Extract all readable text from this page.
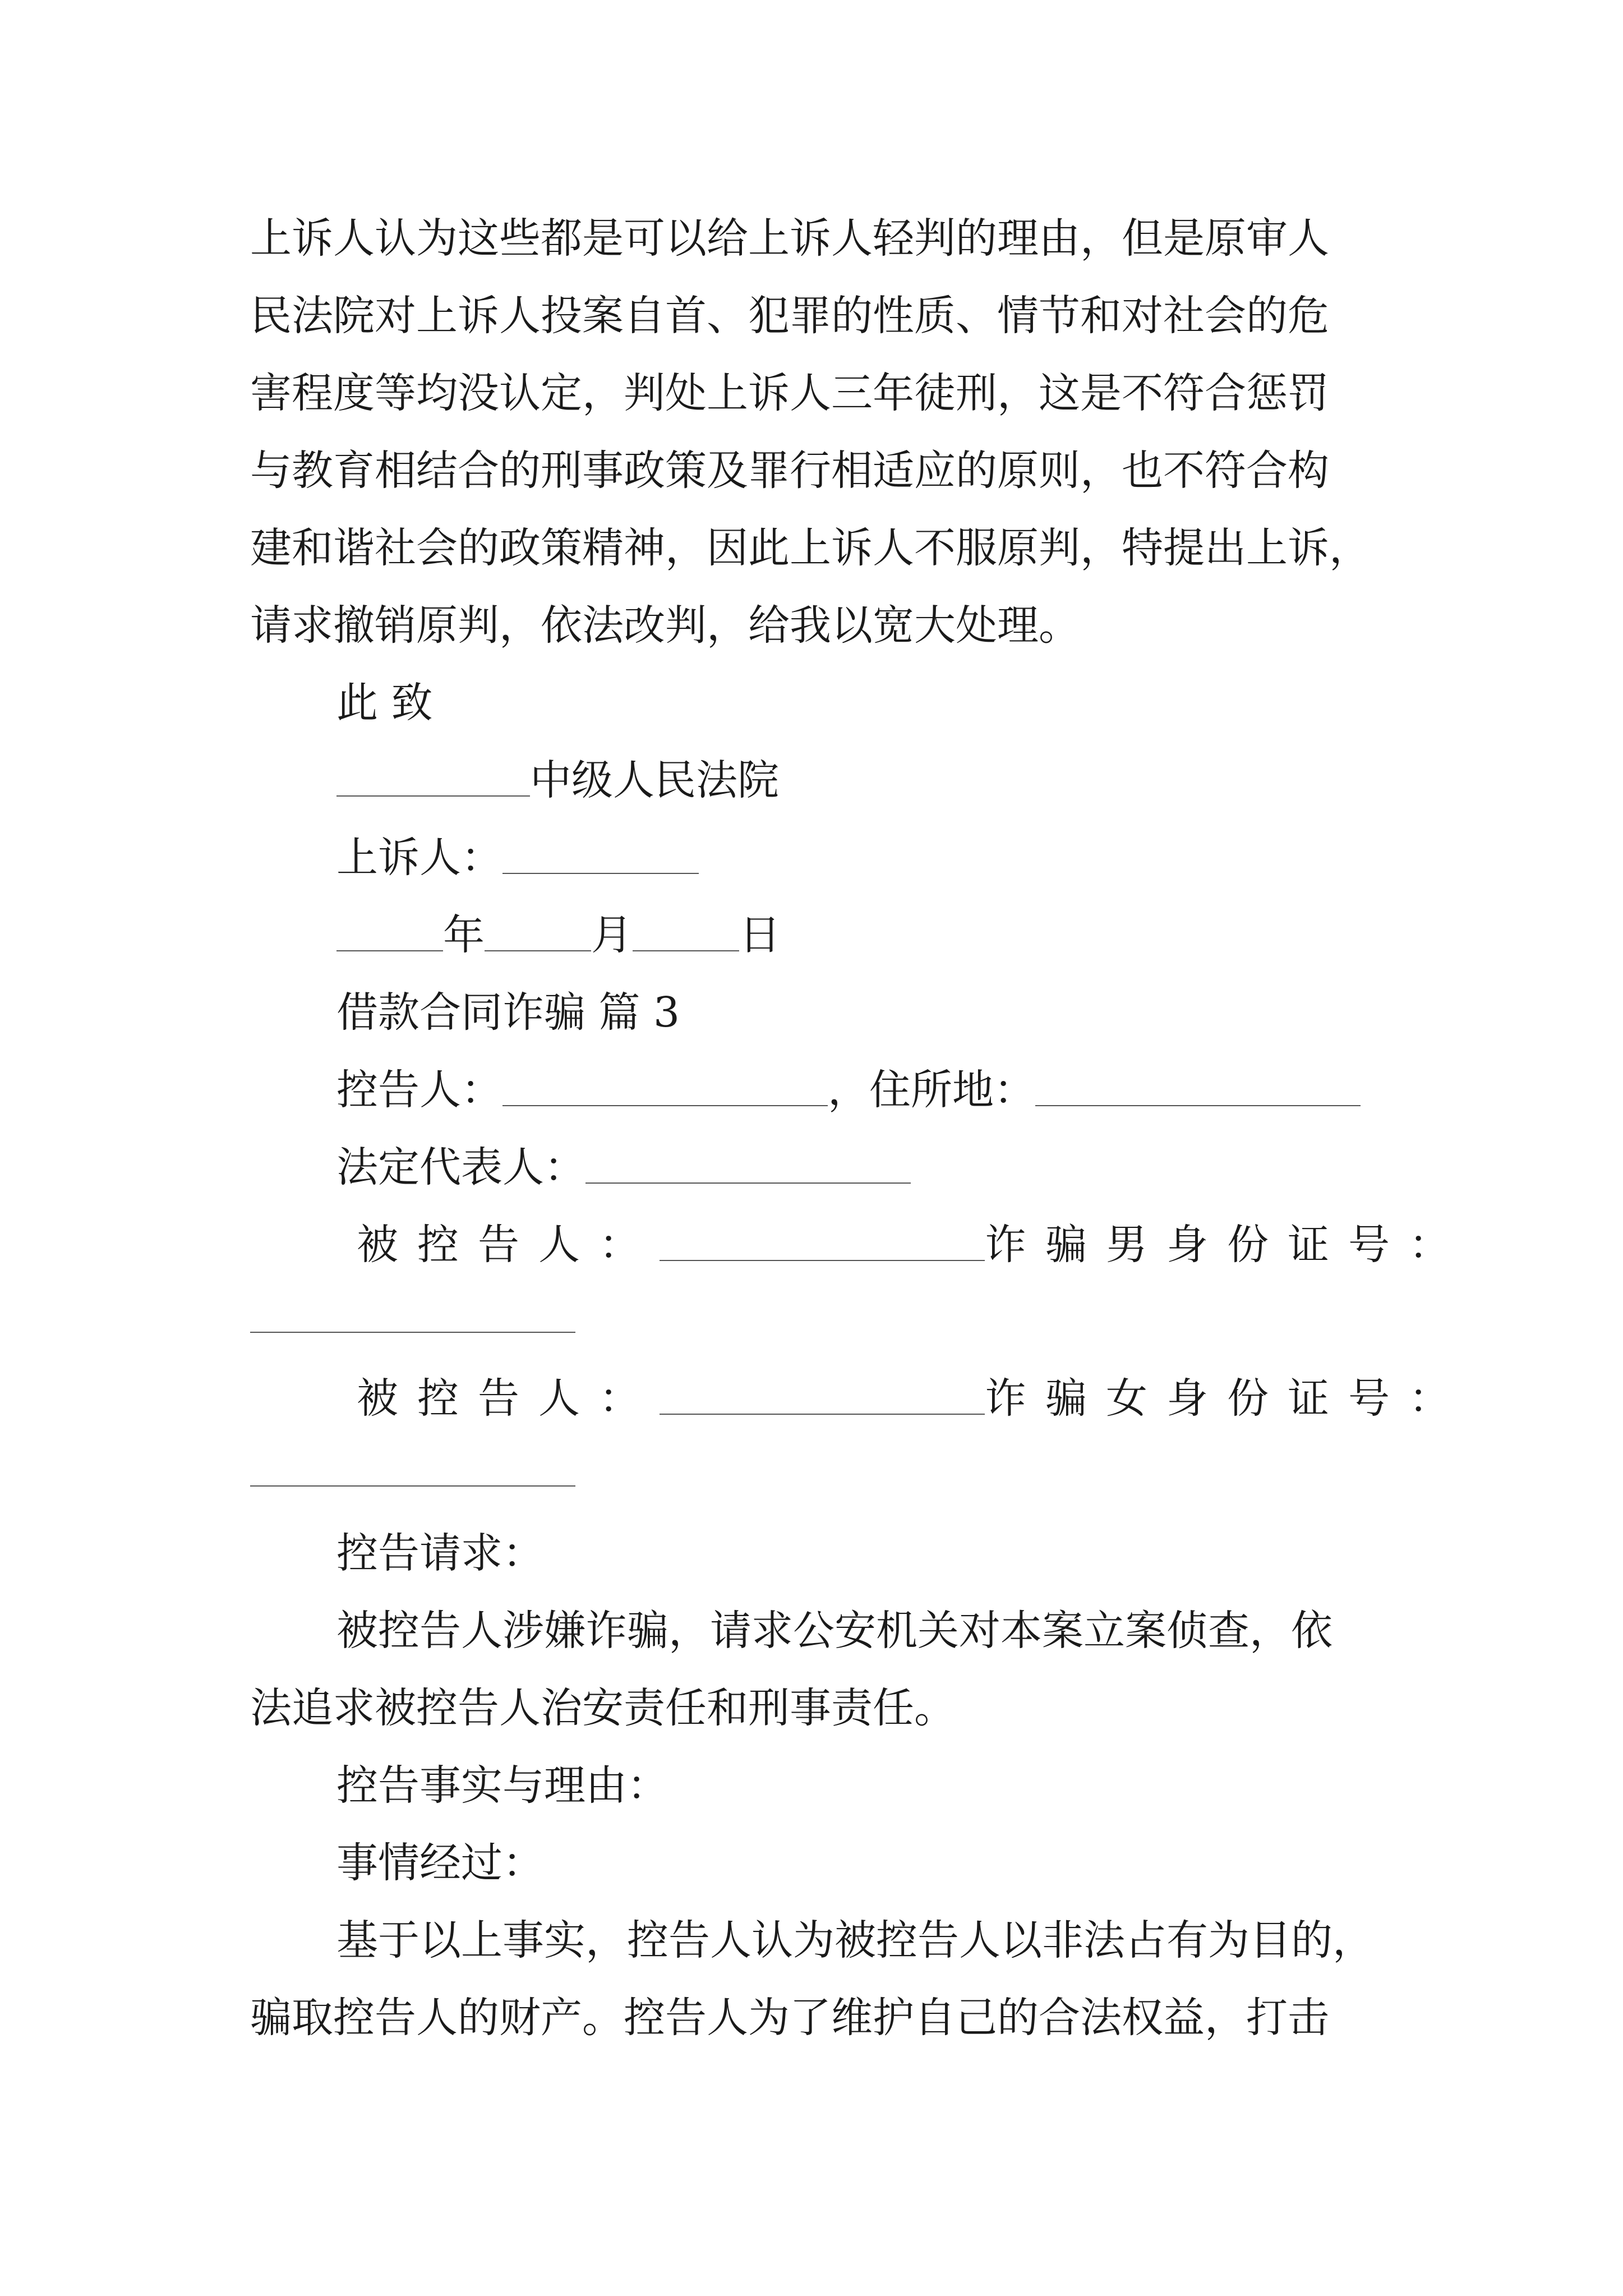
上诉人认为这些都是可以给上诉人轻判的理由，但是原审人

民法院对上诉人投案自首、犯罪的性质、情节和对社会的危

害程度等均没认定，判处上诉人三年徒刑，这是不符合惩罚

与教育相结合的刑事政策及罪行相适应的原则，也不符合构

建和谐社会的政策精神，因此上诉人不服原判，特提出上诉，

请求撤销原判，依法改判，给我以宽大处理。

此 致

中级人民法院

上诉人：

年	月	日

借款合同诈骗 篇 3

控告人：	，住所地：

法定代表人：

被控告人：	诈骗男身份证号：

被控告人：	诈骗女身份证号：

控告请求：

被控告人涉嫌诈骗，请求公安机关对本案立案侦查，依

法追求被控告人治安责任和刑事责任。

控告事实与理由：

事情经过：

基于以上事实，控告人认为被控告人以非法占有为目的，

骗取控告人的财产。控告人为了维护自己的合法权益，打击
